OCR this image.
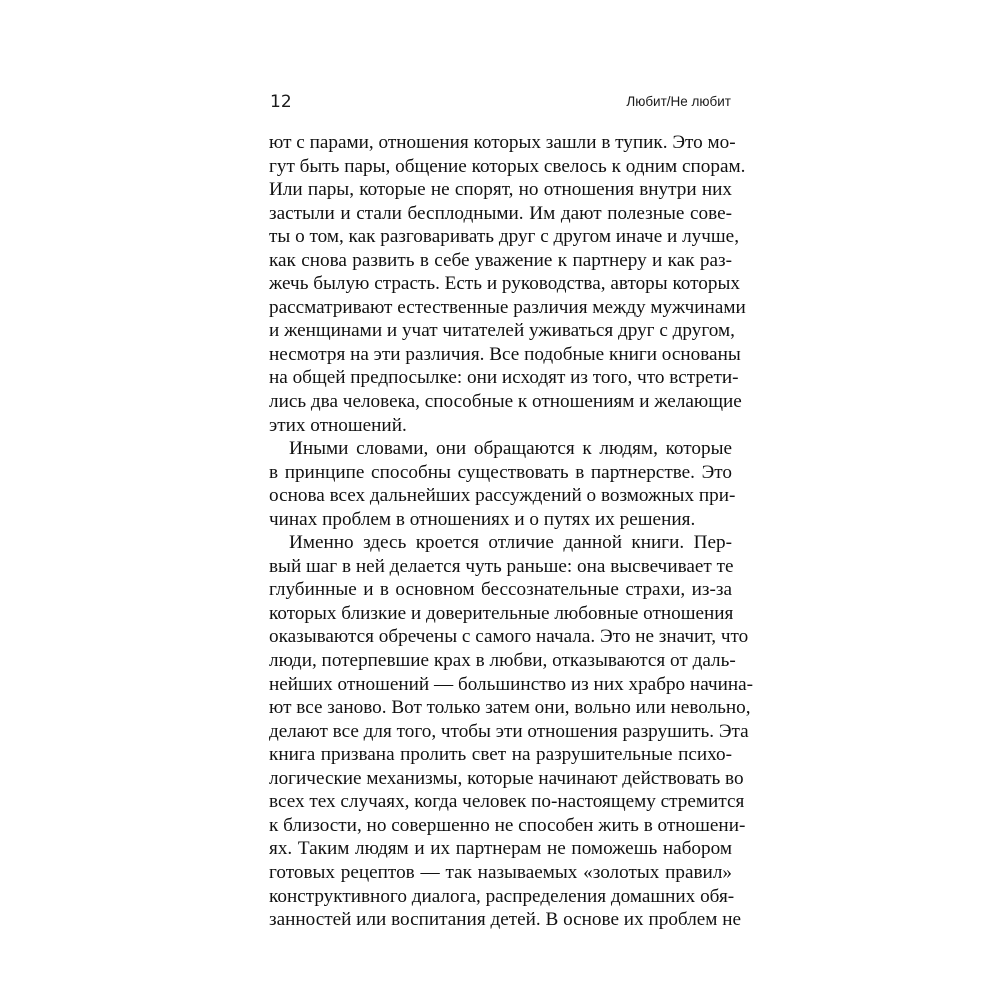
12	Любит/Не любит
ют с парами, отношения которых зашли в тупик. Это мо-
гут быть пары, общение которых свелось к одним спорам.
Или пары, которые не спорят, но отношения внутри них
застыли и стали бесплодными. Им дают полезные сове-
ты о том, как разговаривать друг с другом иначе и лучше,
как снова развить в себе уважение к партнеру и как раз-
жечь былую страсть. Есть и руководства, авторы которых
рассматривают естественные различия между мужчинами
и женщинами и учат читателей уживаться друг с другом,
несмотря на эти различия. Все подобные книги основаны
на общей предпосылке: они исходят из того, что встрети-
лись два человека, способные к отношениям и желающие
этих отношений.
Иными словами, они обращаются к людям, которые
в принципе способны существовать в партнерстве. Это
основа всех дальнейших рассуждений о возможных при-
чинах проблем в отношениях и о путях их решения.
Именно здесь кроется отличие данной книги. Пер-
вый шаг в ней делается чуть раньше: она высвечивает те
глубинные и в основном бессознательные страхи, из-за
которых близкие и доверительные любовные отношения
оказываются обречены с самого начала. Это не значит, что
люди, потерпевшие крах в любви, отказываются от даль-
нейших отношений — большинство из них храбро начина-
ют все заново. Вот только затем они, вольно или невольно,
делают все для того, чтобы эти отношения разрушить. Эта
книга призвана пролить свет на разрушительные психо-
логические механизмы, которые начинают действовать во
всех тех случаях, когда человек по-настоящему стремится
к близости, но совершенно не способен жить в отношени-
ях. Таким людям и их партнерам не поможешь набором
готовых рецептов — так называемых «золотых правил»
конструктивного диалога, распределения домашних обя-
занностей или воспитания детей. В основе их проблем не
